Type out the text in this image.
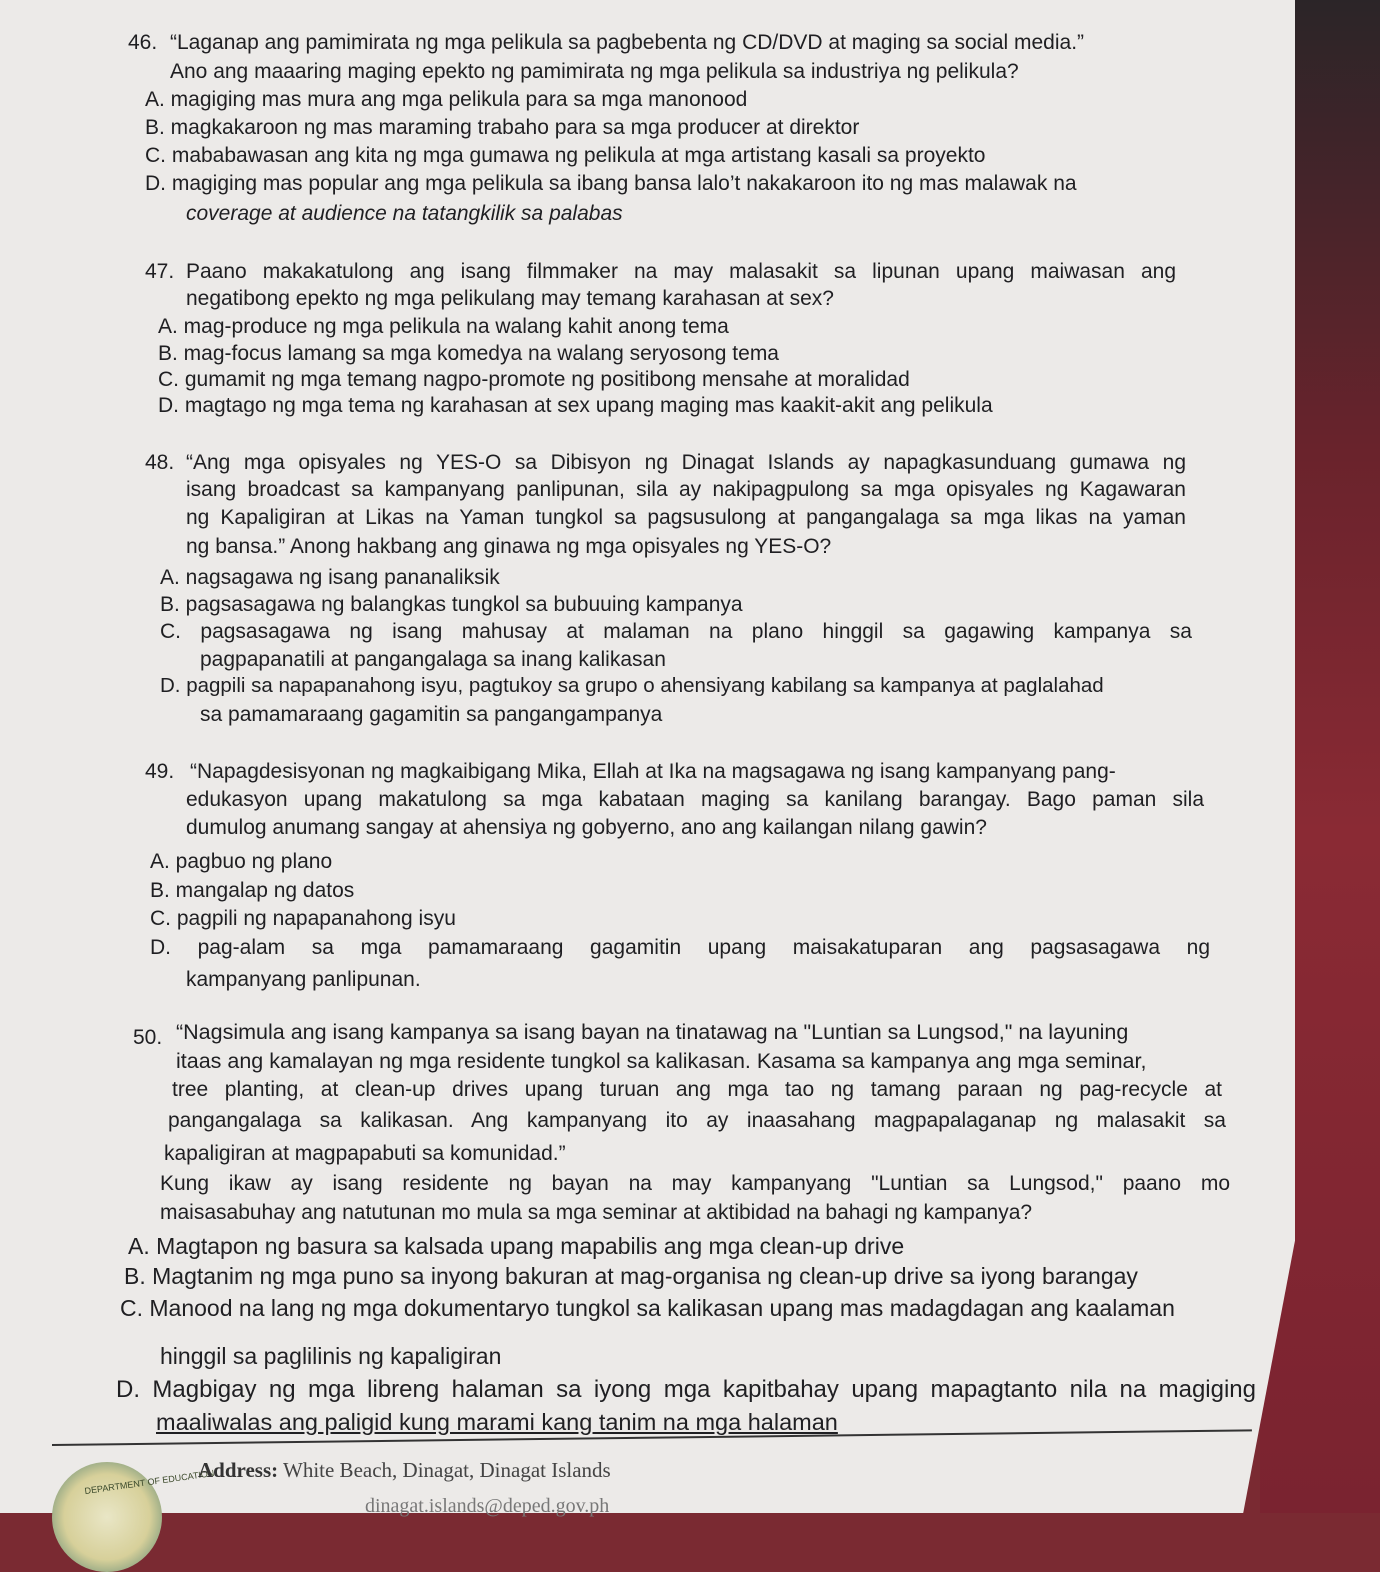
46. “Laganap ang pamimirata ng mga pelikula sa pagbebenta ng CD/DVD at maging sa social media.”
Ano ang maaaring maging epekto ng pamimirata ng mga pelikula sa industriya ng pelikula?
A. magiging mas mura ang mga pelikula para sa mga manonood
B. magkakaroon ng mas maraming trabaho para sa mga producer at direktor
C. mababawasan ang kita ng mga gumawa ng pelikula at mga artistang kasali sa proyekto
D. magiging mas popular ang mga pelikula sa ibang bansa lalo’t nakakaroon ito ng mas malawak na
coverage at audience na tatangkilik sa palabas
47. Paano makakatulong ang isang filmmaker na may malasakit sa lipunan upang maiwasan ang
negatibong epekto ng mga pelikulang may temang karahasan at sex?
A. mag-produce ng mga pelikula na walang kahit anong tema
B. mag-focus lamang sa mga komedya na walang seryosong tema
C. gumamit ng mga temang nagpo-promote ng positibong mensahe at moralidad
D. magtago ng mga tema ng karahasan at sex upang maging mas kaakit-akit ang pelikula
48. “Ang mga opisyales ng YES-O sa Dibisyon ng Dinagat Islands ay napagkasunduang gumawa ng
isang broadcast sa kampanyang panlipunan, sila ay nakipagpulong sa mga opisyales ng Kagawaran
ng Kapaligiran at Likas na Yaman tungkol sa pagsusulong at pangangalaga sa mga likas na yaman
ng bansa.” Anong hakbang ang ginawa ng mga opisyales ng YES-O?
A. nagsagawa ng isang pananaliksik
B. pagsasagawa ng balangkas tungkol sa bubuuing kampanya
C. pagsasagawa ng isang mahusay at malaman na plano hinggil sa gagawing kampanya sa
pagpapanatili at pangangalaga sa inang kalikasan
D. pagpili sa napapanahong isyu, pagtukoy sa grupo o ahensiyang kabilang sa kampanya at paglalahad
sa pamamaraang gagamitin sa pangangampanya
49. “Napagdesisyonan ng magkaibigang Mika, Ellah at Ika na magsagawa ng isang kampanyang pang-
edukasyon upang makatulong sa mga kabataan maging sa kanilang barangay. Bago paman sila
dumulog anumang sangay at ahensiya ng gobyerno, ano ang kailangan nilang gawin?
A. pagbuo ng plano
B. mangalap ng datos
C. pagpili ng napapanahong isyu
D. pag-alam sa mga pamamaraang gagamitin upang maisakatuparan ang pagsasagawa ng
kampanyang panlipunan.
50. “Nagsimula ang isang kampanya sa isang bayan na tinatawag na "Luntian sa Lungsod," na layuning
itaas ang kamalayan ng mga residente tungkol sa kalikasan. Kasama sa kampanya ang mga seminar,
tree planting, at clean-up drives upang turuan ang mga tao ng tamang paraan ng pag-recycle at
pangangalaga sa kalikasan. Ang kampanyang ito ay inaasahang magpapalaganap ng malasakit sa
kapaligiran at magpapabuti sa komunidad.”
Kung ikaw ay isang residente ng bayan na may kampanyang "Luntian sa Lungsod," paano mo
maisasabuhay ang natutunan mo mula sa mga seminar at aktibidad na bahagi ng kampanya?
A. Magtapon ng basura sa kalsada upang mapabilis ang mga clean-up drive
B. Magtanim ng mga puno sa inyong bakuran at mag-organisa ng clean-up drive sa iyong barangay
C. Manood na lang ng mga dokumentaryo tungkol sa kalikasan upang mas madagdagan ang kaalaman
hinggil sa paglilinis ng kapaligiran
D. Magbigay ng mga libreng halaman sa iyong mga kapitbahay upang mapagtanto nila na magiging
maaliwalas ang paligid kung marami kang tanim na mga halaman
DEPARTMENT OF EDUCATION
Address: White Beach, Dinagat, Dinagat Islands
dinagat.islands@deped.gov.ph
